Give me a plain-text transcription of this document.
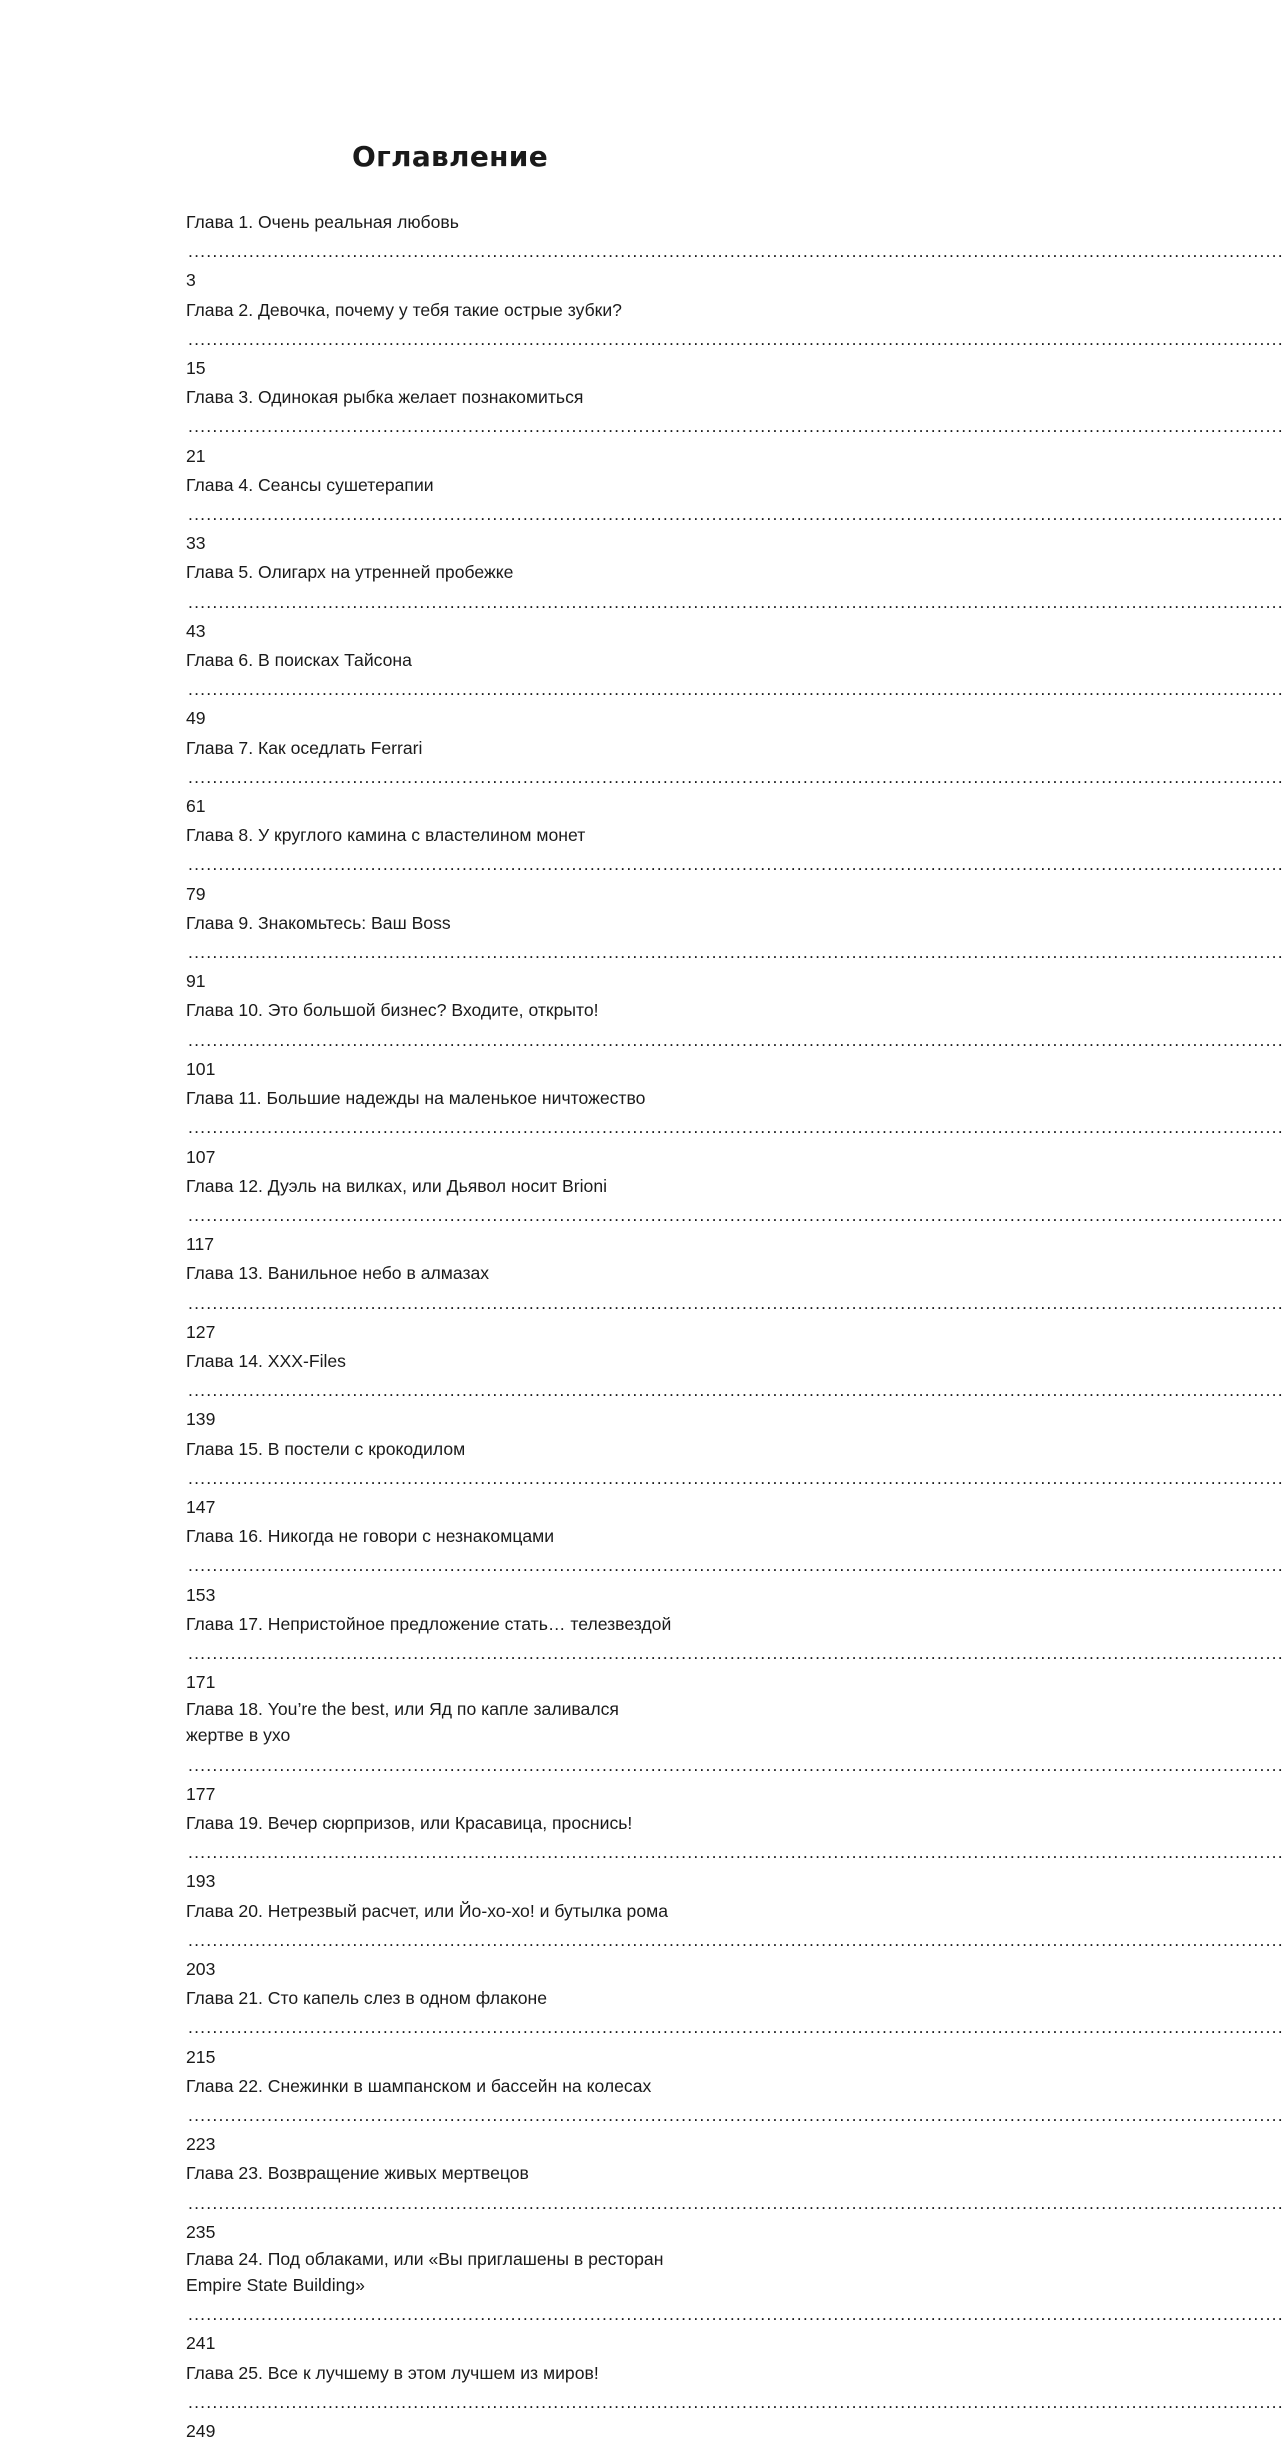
Оглавление
Глава 1. Очень реальная любовь
.....
3
Глава 2. Девочка, почему у тебя такие острые зубки?
.....
15
Глава 3. Одинокая рыбка желает познакомиться
.....
21
Глава 4. Сеансы сушетерапии
.....
33
Глава 5. Олигарх на утренней пробежке
.....
43
Глава 6. В поисках Тайсона
.....
49
Глава 7. Как оседлать Ferrari
.....
61
Глава 8. У круглого камина с властелином монет
.....
79
Глава 9. Знакомьтесь: Ваш Boss
.....
91
Глава 10. Это большой бизнес? Входите, открыто!
.....
101
Глава 11. Большие надежды на маленькое ничтожество
.....
107
Глава 12. Дуэль на вилках, или Дьявол носит Brioni
.....
117
Глава 13. Ванильное небо в алмазах
.....
127
Глава 14. XXX-Files
.....
139
Глава 15. В постели с крокодилом
.....
147
Глава 16. Никогда не говори с незнакомцами
.....
153
Глава 17. Непристойное предложение стать… телезвездой
.....
171
Глава 18. You’re the best, или Яд по капле заливался
жертве в ухо
.....
177
Глава 19. Вечер сюрпризов, или Красавица, проснись!
.....
193
Глава 20. Нетрезвый расчет, или Йо-хо-хо! и бутылка рома
.....
203
Глава 21. Сто капель слез в одном флаконе
.....
215
Глава 22. Снежинки в шампанском и бассейн на колесах
.....
223
Глава 23. Возвращение живых мертвецов
.....
235
Глава 24. Под облаками, или «Вы приглашены в ресторан
Empire State Building»
.....
241
Глава 25. Все к лучшему в этом лучшем из миров!
.....
249
